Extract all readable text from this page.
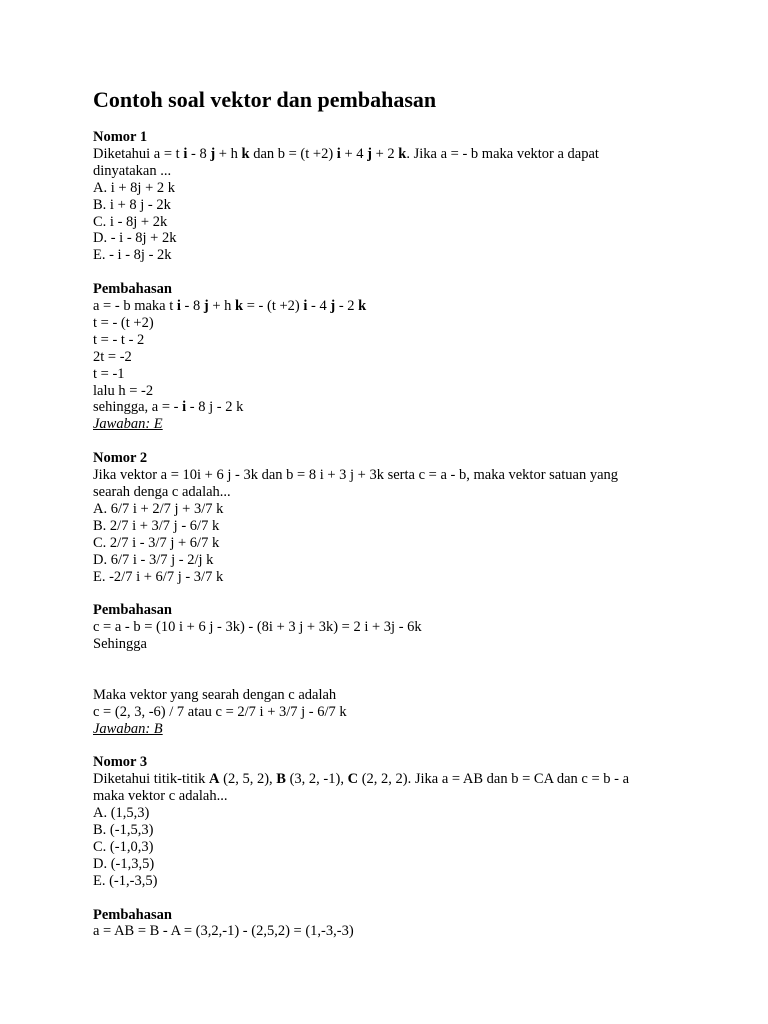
Contoh soal vektor dan pembahasan
Nomor 1
Diketahui a = t i - 8 j + h k dan b = (t +2) i + 4 j + 2 k. Jika a = - b maka vektor a dapat
dinyatakan ...
A. i + 8j + 2 k
B. i + 8 j - 2k
C. i - 8j + 2k
D. - i - 8j + 2k
E. - i - 8j - 2k
Pembahasan
a = - b maka t i - 8 j + h k = - (t +2) i - 4 j - 2 k
t = - (t +2)
t = - t - 2
2t = -2
t = -1
lalu h = -2
sehingga, a = - i - 8 j - 2 k
Jawaban: E
Nomor 2
Jika vektor a = 10i + 6 j - 3k dan b = 8 i + 3 j + 3k serta c = a - b, maka vektor satuan yang
searah denga c adalah...
A. 6/7 i + 2/7 j + 3/7 k
B. 2/7 i + 3/7 j - 6/7 k
C. 2/7 i - 3/7 j + 6/7 k
D. 6/7 i - 3/7 j - 2/j k
E. -2/7 i + 6/7 j - 3/7 k
Pembahasan
c = a - b = (10 i + 6 j - 3k) - (8i + 3 j + 3k) = 2 i + 3j - 6k
Sehingga
Maka vektor yang searah dengan c adalah
c = (2, 3, -6) / 7 atau c = 2/7 i + 3/7 j - 6/7 k
Jawaban: B
Nomor 3
Diketahui titik-titik A (2, 5, 2), B (3, 2, -1), C (2, 2, 2). Jika a = AB dan b = CA dan c = b - a
maka vektor c adalah...
A. (1,5,3)
B. (-1,5,3)
C. (-1,0,3)
D. (-1,3,5)
E. (-1,-3,5)
Pembahasan
a = AB = B - A = (3,2,-1) - (2,5,2) = (1,-3,-3)
